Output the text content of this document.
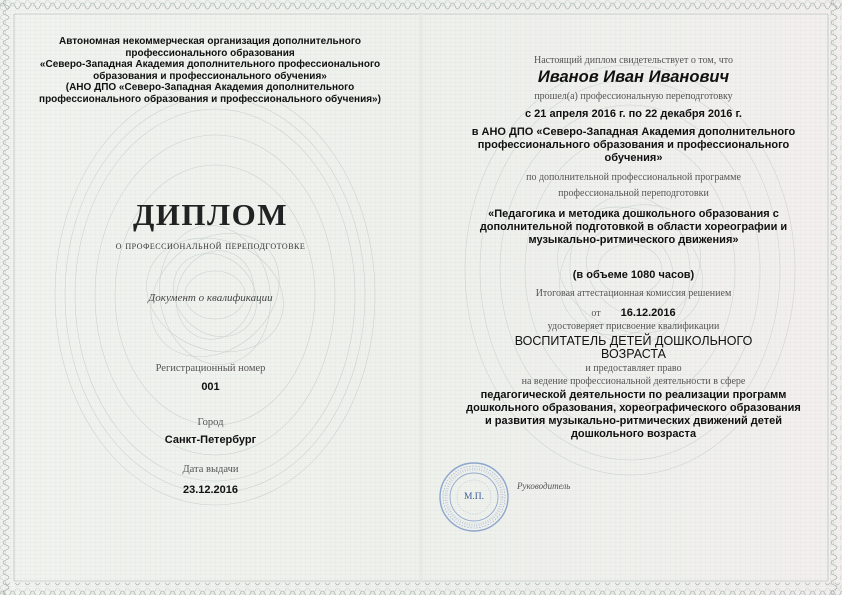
Автономная некоммерческая организация дополнительного
профессионального образования
«Северо-Западная Академия дополнительного профессионального
образования и профессионального обучения»
(АНО ДПО «Северо-Западная Академия дополнительного
профессионального образования и профессионального обучения»)
ДИПЛОМ
о профессиональной переподготовке
Документ о квалификации
Регистрационный номер
001
Город
Санкт-Петербург
Дата выдачи
23.12.2016
Настоящий диплом свидетельствует о том, что
Иванов Иван Иванович
прошел(а) профессиональную переподготовку
с 21 апреля 2016 г. по 22 декабря 2016 г.
в АНО ДПО «Северо-Западная Академия дополнительного
профессионального образования и профессионального
обучения»
по дополнительной профессиональной программе
профессиональной переподготовки
«Педагогика и методика дошкольного образования с
дополнительной подготовкой в области хореографии и
музыкально-ритмического движения»
(в объеме 1080 часов)
Итоговая аттестационная комиссия решением
от 16.12.2016
удостоверяет присвоение квалификации
ВОСПИТАТЕЛЬ ДЕТЕЙ ДОШКОЛЬНОГО
ВОЗРАСТА
и предоставляет право
на ведение профессиональной деятельности в сфере
педагогической деятельности по реализации программ
дошкольного образования, хореографического образования
и развития музыкально-ритмических движений детей
дошкольного возраста
М.П.
Руководитель
